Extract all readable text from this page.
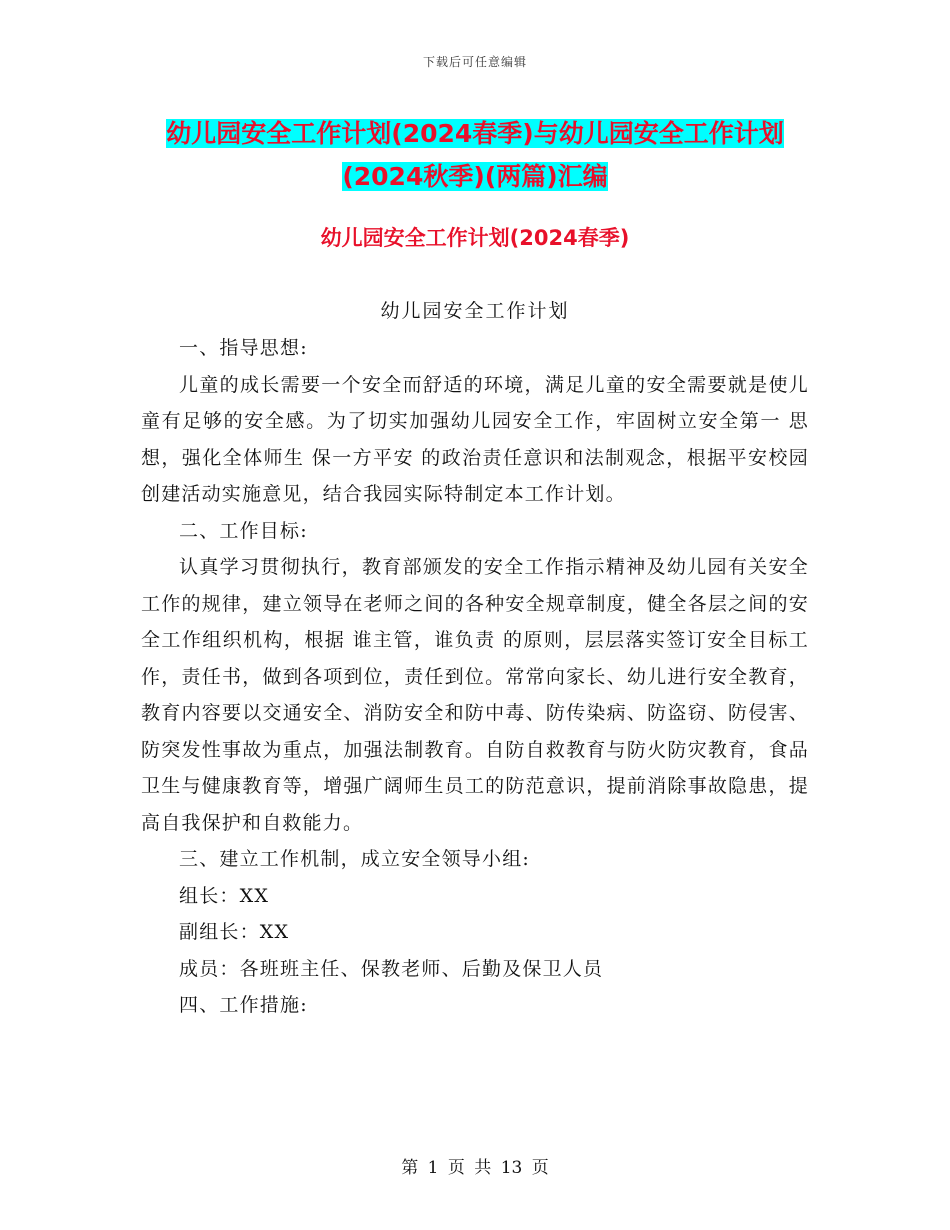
下载后可任意编辑
幼儿园安全工作计划(2024春季)与幼儿园安全工作计划(2024秋季)(两篇)汇编
幼儿园安全工作计划(2024春季)
幼儿园安全工作计划

一、指导思想:

儿童的成长需要一个安全而舒适的环境，满足儿童的安全需要就是使儿童有足够的安全感。为了切实加强幼儿园安全工作，牢固树立安全第一 思想，强化全体师生 保一方平安 的政治责任意识和法制观念，根据平安校园创建活动实施意见，结合我园实际特制定本工作计划。

二、工作目标:

认真学习贯彻执行，教育部颁发的安全工作指示精神及幼儿园有关安全工作的规律，建立领导在老师之间的各种安全规章制度，健全各层之间的安全工作组织机构，根据 谁主管，谁负责 的原则，层层落实签订安全目标工作，责任书，做到各项到位，责任到位。常常向家长、幼儿进行安全教育，教育内容要以交通安全、消防安全和防中毒、防传染病、防盗窃、防侵害、防突发性事故为重点，加强法制教育。自防自救教育与防火防灾教育，食品卫生与健康教育等，增强广阔师生员工的防范意识，提前消除事故隐患，提高自我保护和自救能力。

三、建立工作机制，成立安全领导小组:

组长：XX

副组长：XX

成员：各班班主任、保教老师、后勤及保卫人员

四、工作措施:

第 1 页 共 13 页
